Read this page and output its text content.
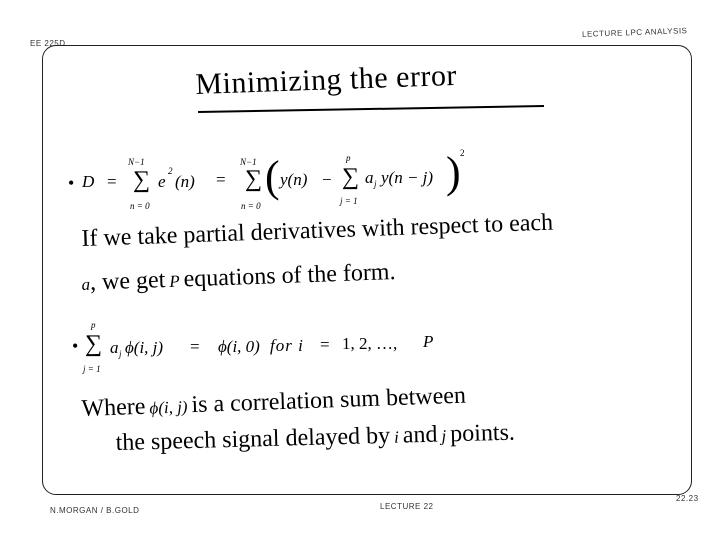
EE 225D
LECTURE LPC ANALYSIS
Minimizing the error
• D =
N−1
∑
n = 0
e
2
(n) =
N−1
∑
n = 0
( y(n) −
p
∑
j = 1
a j y(n − j) ) 2
If we take partial derivatives with respect to each
a, we get P equations of the form.
•
p
∑
j = 1
a j ϕ(i, j) = ϕ(i, 0) for i = 1, 2, …, P
Where ϕ(i, j) is a correlation sum between
the speech signal delayed by i and j points.
N.MORGAN / B.GOLD	LECTURE 22
22.23
